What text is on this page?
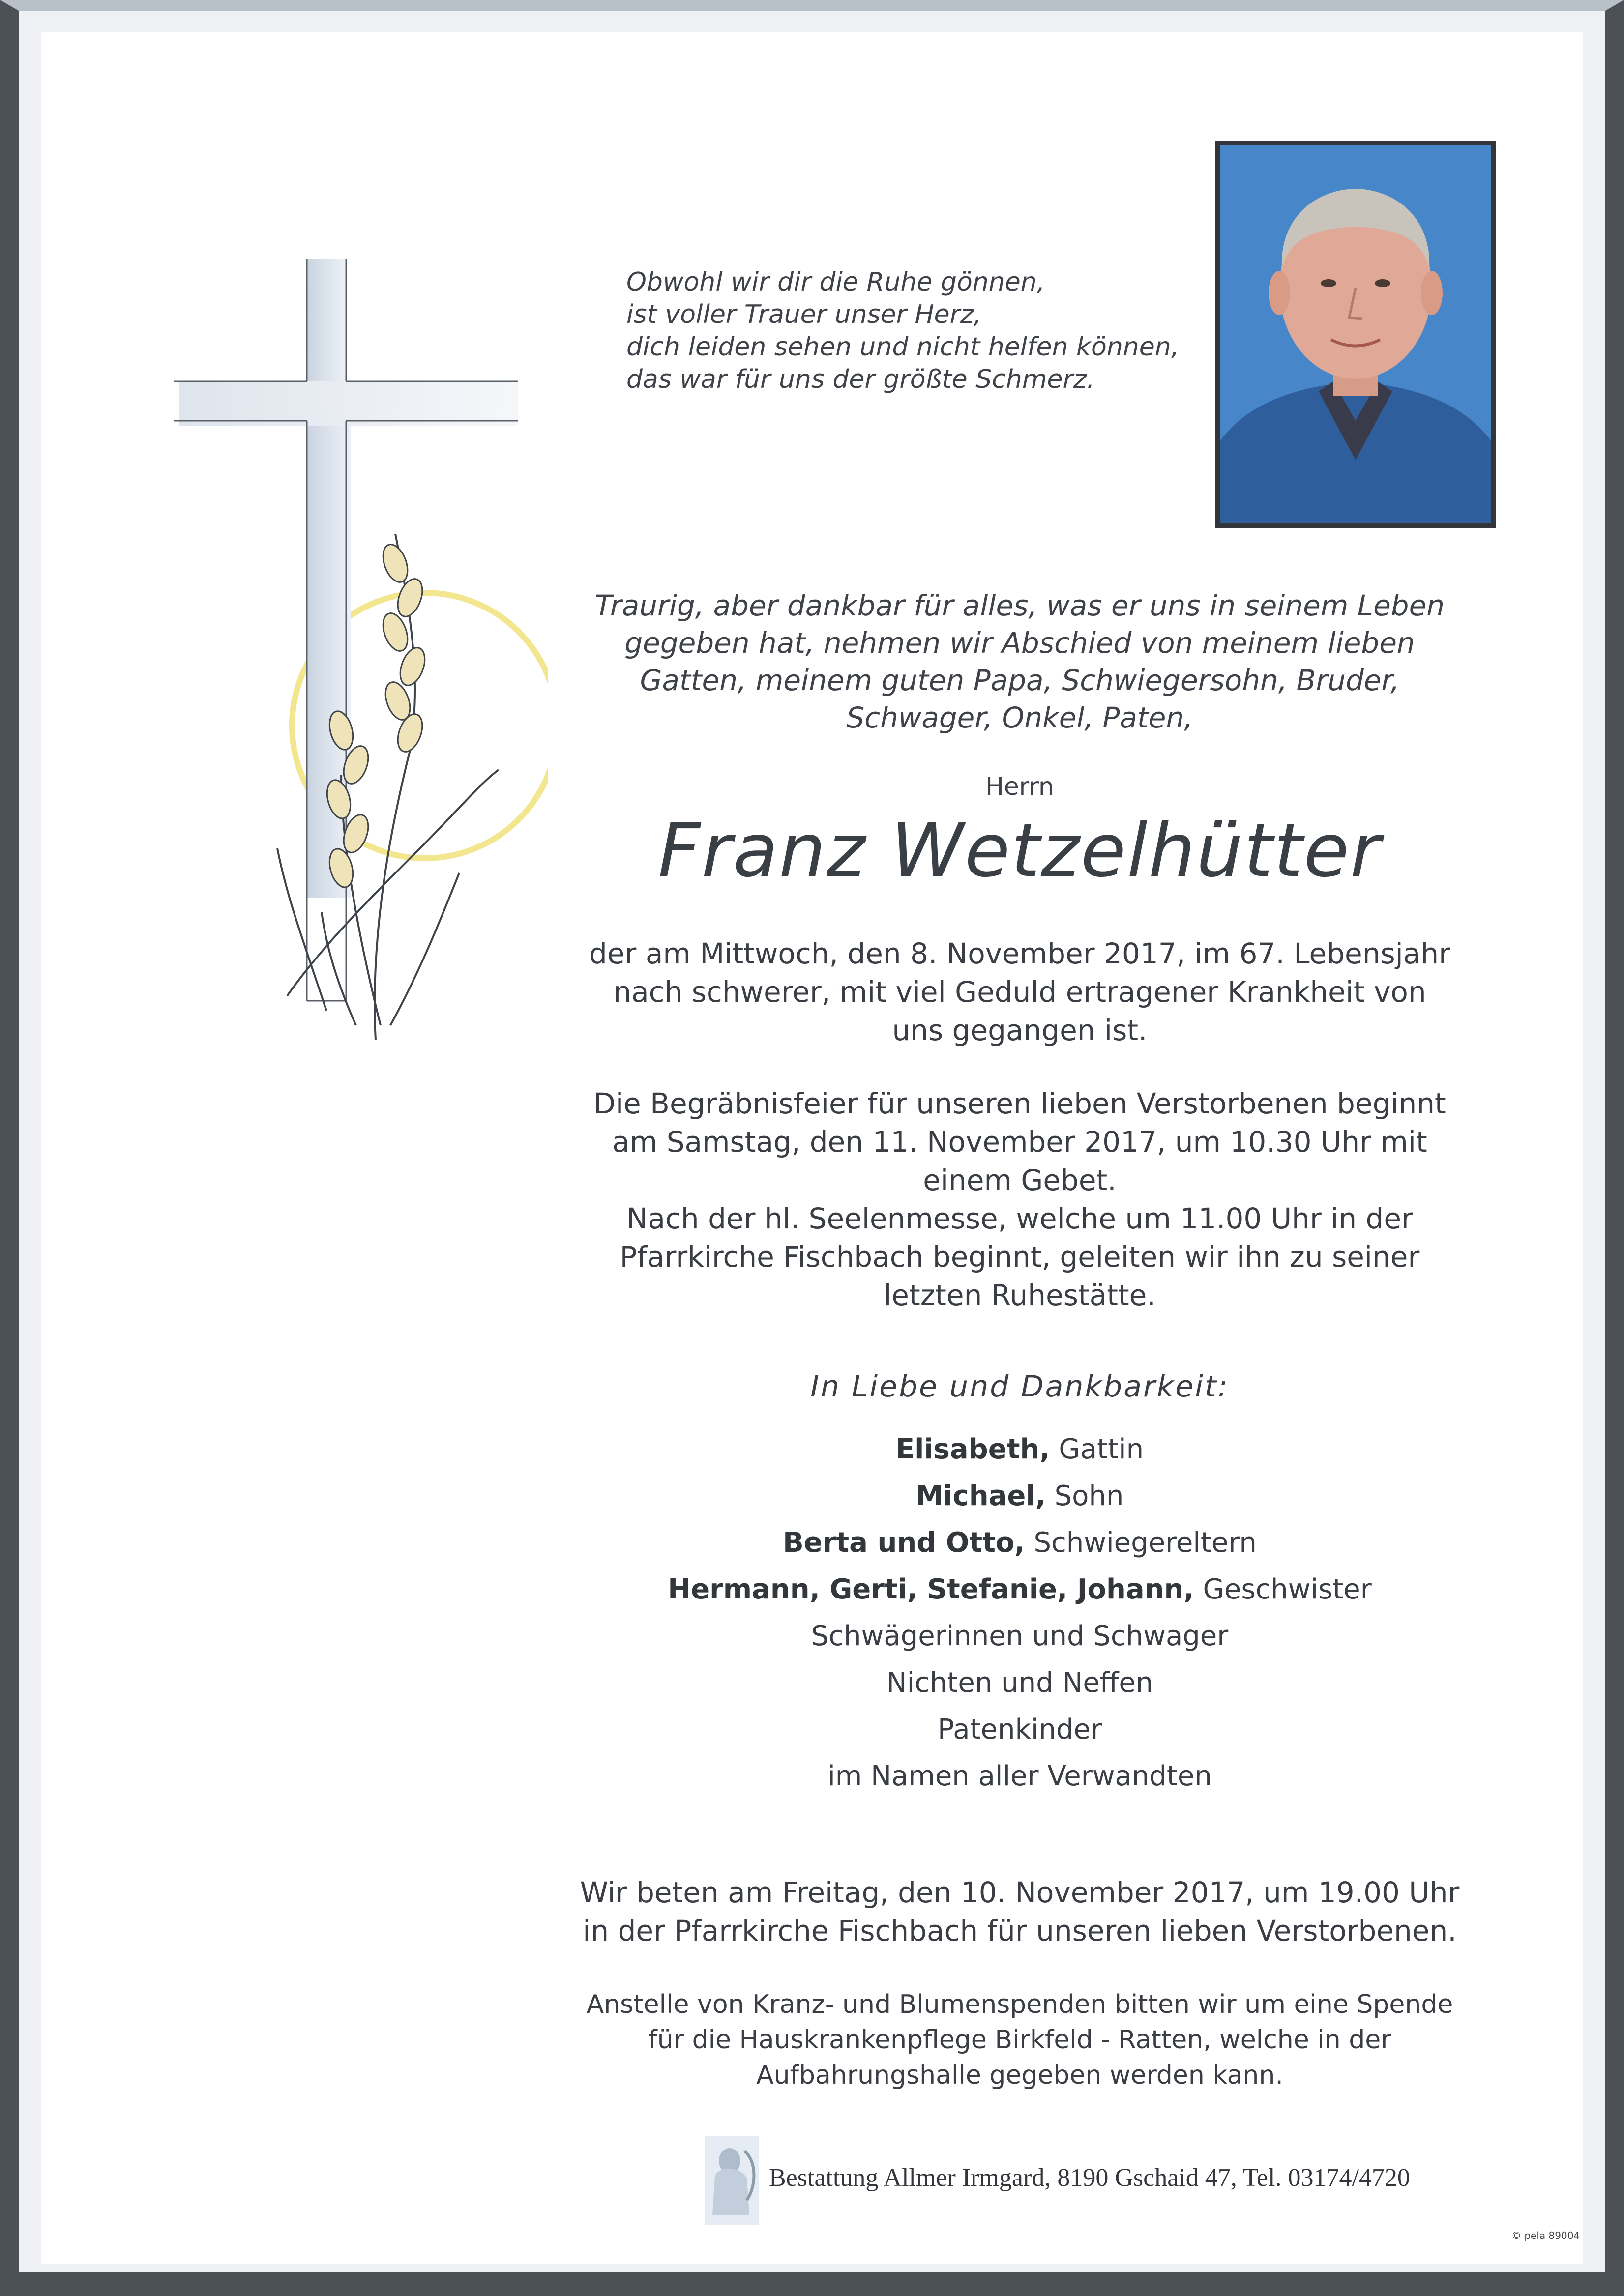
Obwohl wir dir die Ruhe gönnen,
ist voller Trauer unser Herz,
dich leiden sehen und nicht helfen können,
das war für uns der größte Schmerz.
Traurig, aber dankbar für alles, was er uns in seinem Leben
gegeben hat, nehmen wir Abschied von meinem lieben
Gatten, meinem guten Papa, Schwiegersohn, Bruder,
Schwager, Onkel, Paten,
Herrn
Franz Wetzelhütter
der am Mittwoch, den 8. November 2017, im 67. Lebensjahr
nach schwerer, mit viel Geduld ertragener Krankheit von
uns gegangen ist.
Die Begräbnisfeier für unseren lieben Verstorbenen beginnt
am Samstag, den 11. November 2017, um 10.30 Uhr mit
einem Gebet.
Nach der hl. Seelenmesse, welche um 11.00 Uhr in der
Pfarrkirche Fischbach beginnt, geleiten wir ihn zu seiner
letzten Ruhestätte.
In Liebe und Dankbarkeit:
Elisabeth, Gattin
Michael, Sohn
Berta und Otto, Schwiegereltern
Hermann, Gerti, Stefanie, Johann, Geschwister
Schwägerinnen und Schwager
Nichten und Neffen
Patenkinder
im Namen aller Verwandten
Wir beten am Freitag, den 10. November 2017, um 19.00 Uhr
in der Pfarrkirche Fischbach für unseren lieben Verstorbenen.
Anstelle von Kranz- und Blumenspenden bitten wir um eine Spende
für die Hauskrankenpflege Birkfeld - Ratten, welche in der
Aufbahrungshalle gegeben werden kann.
Bestattung Allmer Irmgard, 8190 Gschaid 47, Tel. 03174/4720
© pela 89004
